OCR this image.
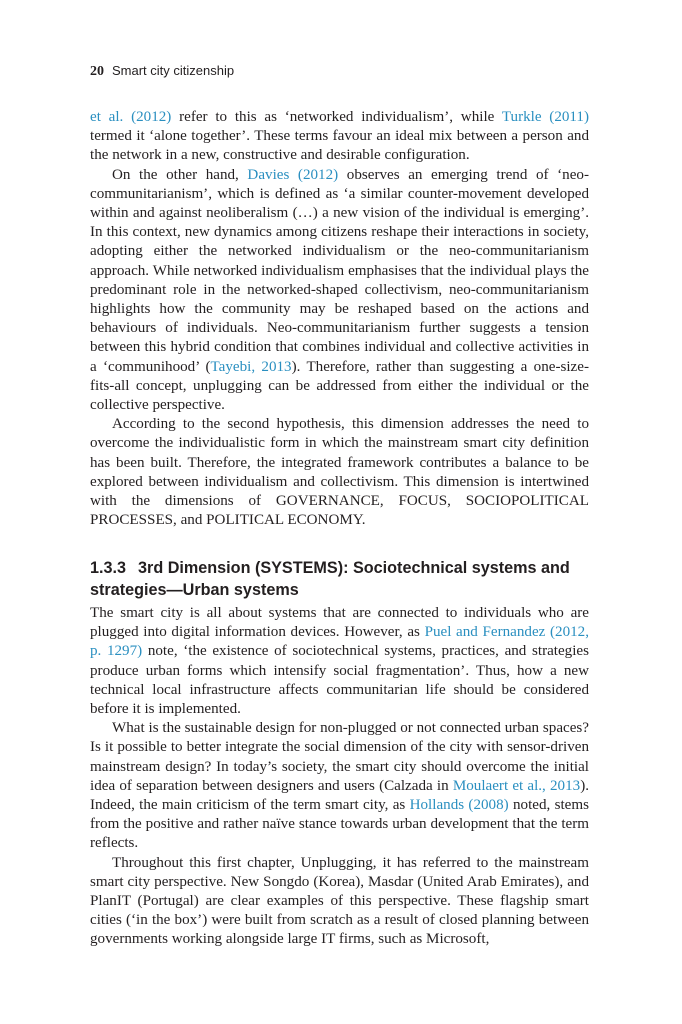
20 Smart city citizenship

et al. (2012) refer to this as ‘networked individualism’, while Turkle (2011) termed it ‘alone together’. These terms favour an ideal mix between a person and the network in a new, constructive and desirable configuration.

On the other hand, Davies (2012) observes an emerging trend of ‘neo-communitarianism’, which is defined as ‘a similar counter-movement developed within and against neoliberalism (…) a new vision of the individual is emerging’. In this context, new dynamics among citizens reshape their interactions in society, adopting either the networked individualism or the neo-communitarianism approach. While networked individualism emphasises that the individual plays the predominant role in the networked-shaped collectivism, neo-communitarianism highlights how the community may be reshaped based on the actions and behaviours of individuals. Neo-communitarianism further suggests a tension between this hybrid condition that combines individual and collective activities in a ‘communihood’ (Tayebi, 2013). Therefore, rather than suggesting a one-size-fits-all concept, unplugging can be addressed from either the individual or the collective perspective.

According to the second hypothesis, this dimension addresses the need to overcome the individualistic form in which the mainstream smart city definition has been built. Therefore, the integrated framework contributes a balance to be explored between individualism and collectivism. This dimension is intertwined with the dimensions of GOVERNANCE, FOCUS, SOCIOPOLITICAL PROCESSES, and POLITICAL ECONOMY.

1.3.3 3rd Dimension (SYSTEMS): Sociotechnical systems and strategies—Urban systems

The smart city is all about systems that are connected to individuals who are plugged into digital information devices. However, as Puel and Fernandez (2012, p. 1297) note, ‘the existence of sociotechnical systems, practices, and strategies produce urban forms which intensify social fragmentation’. Thus, how a new technical local infrastructure affects communitarian life should be considered before it is implemented.

What is the sustainable design for non-plugged or not connected urban spaces? Is it possible to better integrate the social dimension of the city with sensor-driven mainstream design? In today’s society, the smart city should overcome the initial idea of separation between designers and users (Calzada in Moulaert et al., 2013). Indeed, the main criticism of the term smart city, as Hollands (2008) noted, stems from the positive and rather naïve stance towards urban development that the term reflects.

Throughout this first chapter, Unplugging, it has referred to the mainstream smart city perspective. New Songdo (Korea), Masdar (United Arab Emirates), and PlanIT (Portugal) are clear examples of this perspective. These flagship smart cities (‘in the box’) were built from scratch as a result of closed planning between governments working alongside large IT firms, such as Microsoft,
